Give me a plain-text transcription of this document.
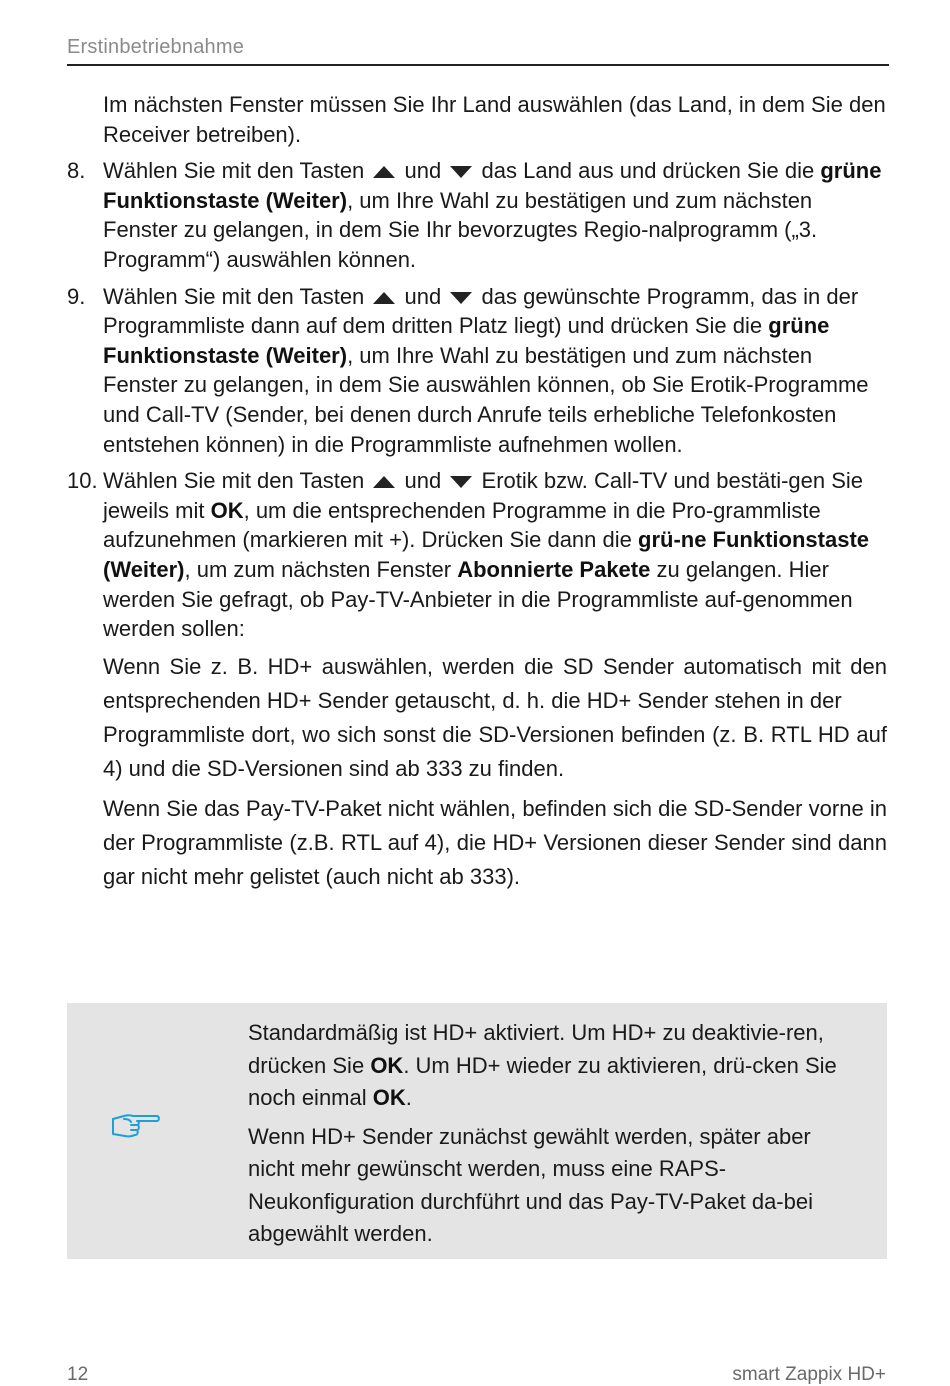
Erstinbetriebnahme

Im nächsten Fenster müssen Sie Ihr Land auswählen (das Land, in dem Sie den Receiver betreiben).

8. Wählen Sie mit den Tasten und das Land aus und drücken Sie die grüne Funktionstaste (Weiter), um Ihre Wahl zu bestätigen und zum nächsten Fenster zu gelangen, in dem Sie Ihr bevorzugtes Regio-nalprogramm („3. Programm“) auswählen können.
9. Wählen Sie mit den Tasten und das gewünschte Programm, das in der Programmliste dann auf dem dritten Platz liegt) und drücken Sie die grüne Funktionstaste (Weiter), um Ihre Wahl zu bestätigen und zum nächsten Fenster zu gelangen, in dem Sie auswählen können, ob Sie Erotik-Programme und Call-TV (Sender, bei denen durch Anrufe teils erhebliche Telefonkosten entstehen können) in die Programmliste aufnehmen wollen.
10. Wählen Sie mit den Tasten und Erotik bzw. Call-TV und bestäti-gen Sie jeweils mit OK, um die entsprechenden Programme in die Pro-grammliste aufzunehmen (markieren mit +). Drücken Sie dann die grü-ne Funktionstaste
(Weiter), um zum nächsten Fenster Abonnierte Pakete zu gelangen. Hier werden Sie gefragt, ob Pay-TV-Anbieter in die Programmliste auf-genommen werden sollen:

Wenn Sie z. B. HD+ auswählen, werden die SD Sender automatisch mit den entsprechenden HD+ Sender getauscht, d. h. die HD+ Sender stehen in der
Programmliste dort, wo sich sonst die SD-Versionen befinden (z. B. RTL HD auf 4) und die SD-Versionen sind ab 333 zu finden.

Wenn Sie das Pay-TV-Paket nicht wählen, befinden sich die SD-Sender vorne in der Programmliste (z.B. RTL auf 4), die HD+ Versionen dieser Sender sind dann gar nicht mehr gelistet (auch nicht ab 333).

Standardmäßig ist HD+ aktiviert. Um HD+ zu deaktivie-ren, drücken Sie OK. Um HD+ wieder zu aktivieren, drü-cken Sie noch einmal OK.

Wenn HD+ Sender zunächst gewählt werden, später aber nicht mehr gewünscht werden, muss eine RAPS-Neukonfiguration durchführt und das Pay-TV-Paket da-bei abgewählt werden.

12	smart Zappix HD+
